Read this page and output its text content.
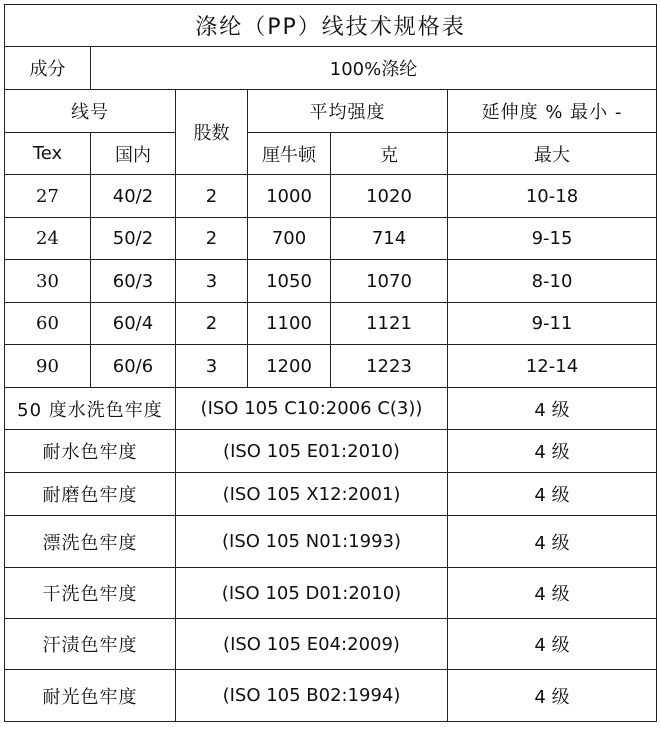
涤纶（PP）线技术规格表					
成分	100%涤纶				
线号		股数	平均强度		延伸度 % 最小 -
Tex	国内		厘牛顿	克	最大
27	40/2	2	1000	1020	10-18
24	50/2	2	700	714	9-15
30	60/3	3	1050	1070	8-10
60	60/4	2	1100	1121	9-11
90	60/6	3	1200	1223	12-14
50 度水洗色牢度		(ISO 105 C10:2006 C(3))			4 级
耐水色牢度		(ISO 105 E01:2010)			4 级
耐磨色牢度		(ISO 105 X12:2001)			4 级
漂洗色牢度		(ISO 105 N01:1993)			4 级
干洗色牢度		(ISO 105 D01:2010)			4 级
汗渍色牢度		(ISO 105 E04:2009)			4 级
耐光色牢度		(ISO 105 B02:1994)			4 级
